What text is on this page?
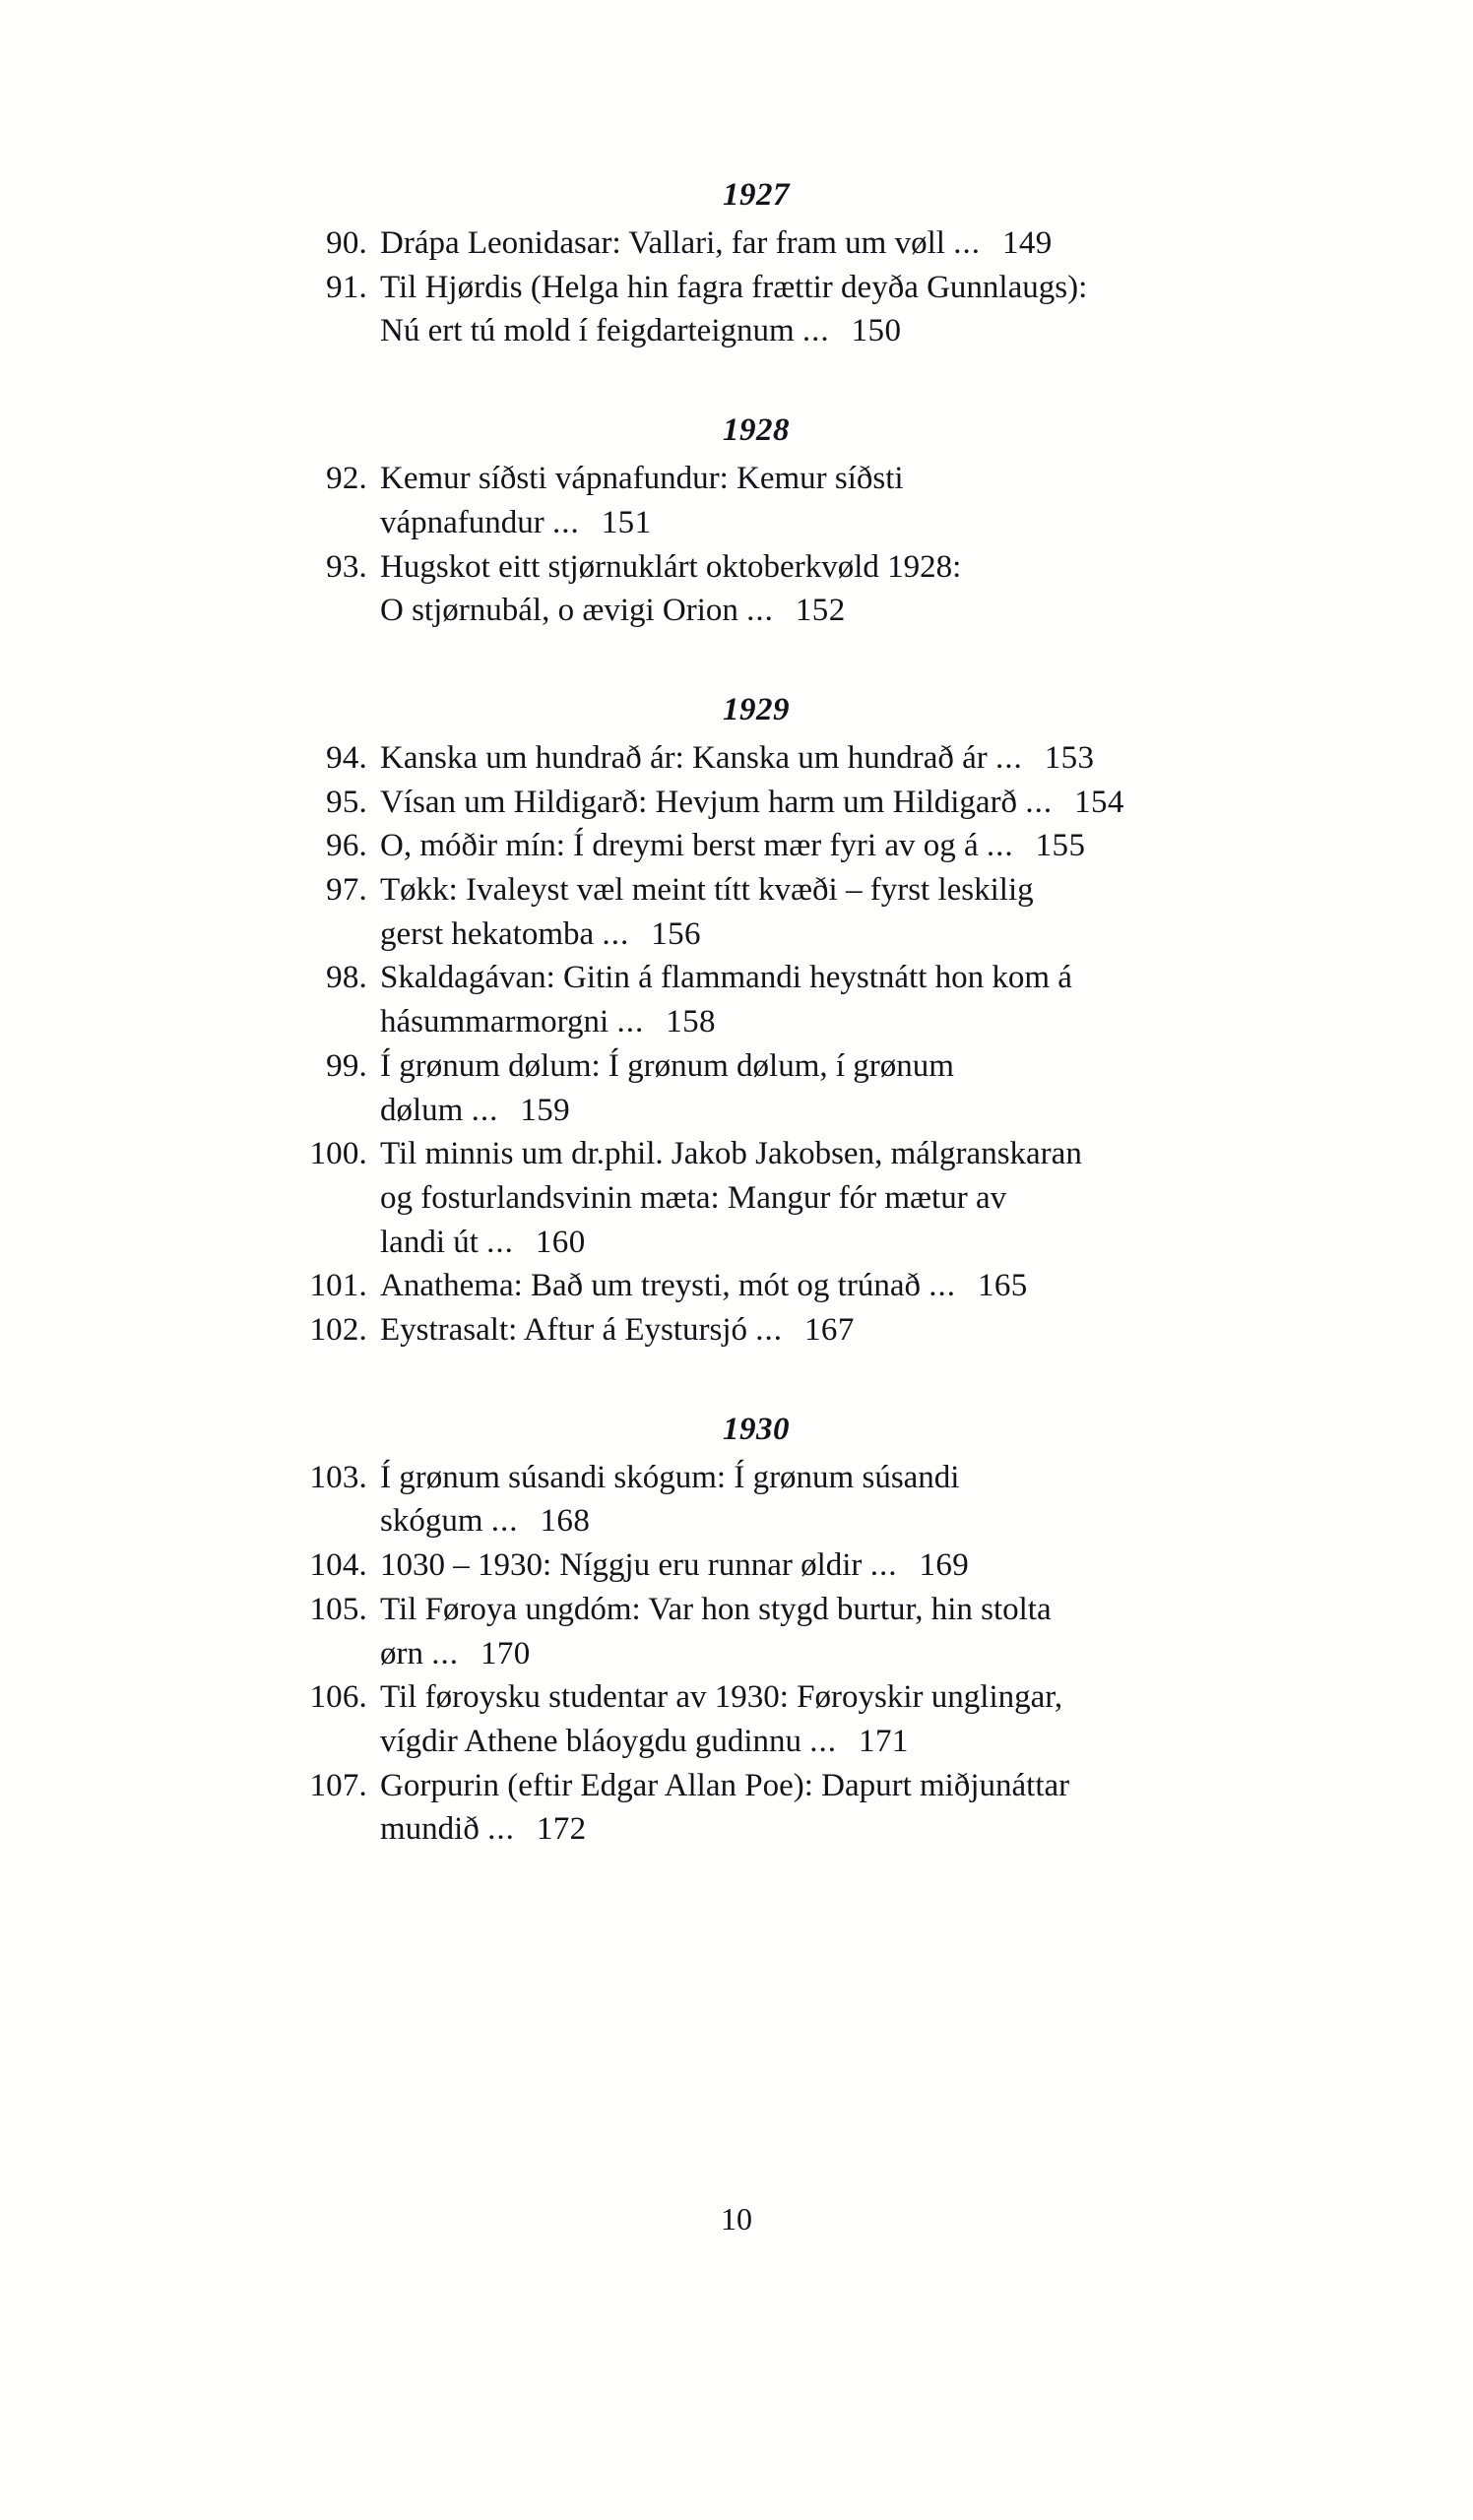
1927
90. Drápa Leonidasar: Vallari, far fram um vøll ... 149
91. Til Hjørdis (Helga hin fagra frættir deyða Gunnlaugs):
Nú ert tú mold í feigdarteignum ... 150
1928
92. Kemur síðsti vápnafundur: Kemur síðsti
vápnafundur ... 151
93. Hugskot eitt stjørnuklárt oktoberkvøld 1928:
O stjørnubál, o ævigi Orion ... 152
1929
94. Kanska um hundrað ár: Kanska um hundrað ár ... 153
95. Vísan um Hildigarð: Hevjum harm um Hildigarð ... 154
96. O, móðir mín: Í dreymi berst mær fyri av og á ... 155
97. Tøkk: Ivaleyst væl meint títt kvæði – fyrst leskilig
gerst hekatomba ... 156
98. Skaldagávan: Gitin á flammandi heystnátt hon kom á
hásummarmorgni ... 158
99. Í grønum dølum: Í grønum dølum, í grønum
dølum ... 159
100. Til minnis um dr.phil. Jakob Jakobsen, málgranskaran
og fosturlandsvinin mæta: Mangur fór mætur av
landi út ... 160
101. Anathema: Bað um treysti, mót og trúnað ... 165
102. Eystrasalt: Aftur á Eystursjó ... 167
1930
103. Í grønum súsandi skógum: Í grønum súsandi
skógum ... 168
104. 1030 – 1930: Níggju eru runnar øldir ... 169
105. Til Føroya ungdóm: Var hon stygd burtur, hin stolta
ørn ... 170
106. Til føroysku studentar av 1930: Føroyskir unglingar,
vígdir Athene bláoygdu gudinnu ... 171
107. Gorpurin (eftir Edgar Allan Poe): Dapurt miðjunáttar
mundið ... 172
10
